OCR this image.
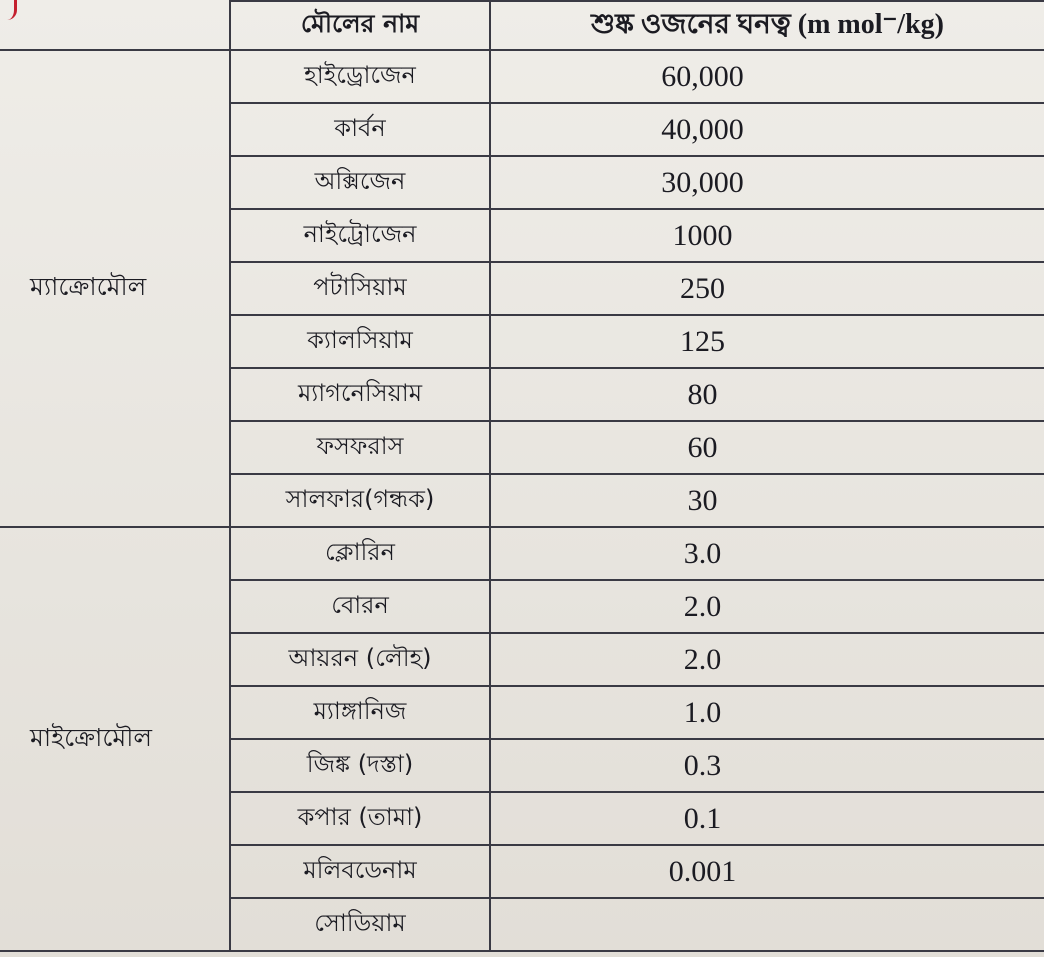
	মৌলের নাম	শুষ্ক ওজনের ঘনত্ব (m mol⁻/kg)
ম্যাক্রোমৌল	হাইড্রোজেন	60,000
	কার্বন	40,000
	অক্সিজেন	30,000
	নাইট্রোজেন	1000
	পটাসিয়াম	250
	ক্যালসিয়াম	125
	ম্যাগনেসিয়াম	80
	ফসফরাস	60
	সালফার(গন্ধক)	30
মাইক্রোমৌল	ক্লোরিন	3.0
	বোরন	2.0
	আয়রন (লৌহ)	2.0
	ম্যাঙ্গানিজ	1.0
	জিঙ্ক (দস্তা)	0.3
	কপার (তামা)	0.1
	মলিবডেনাম	0.001
	সোডিয়াম	
